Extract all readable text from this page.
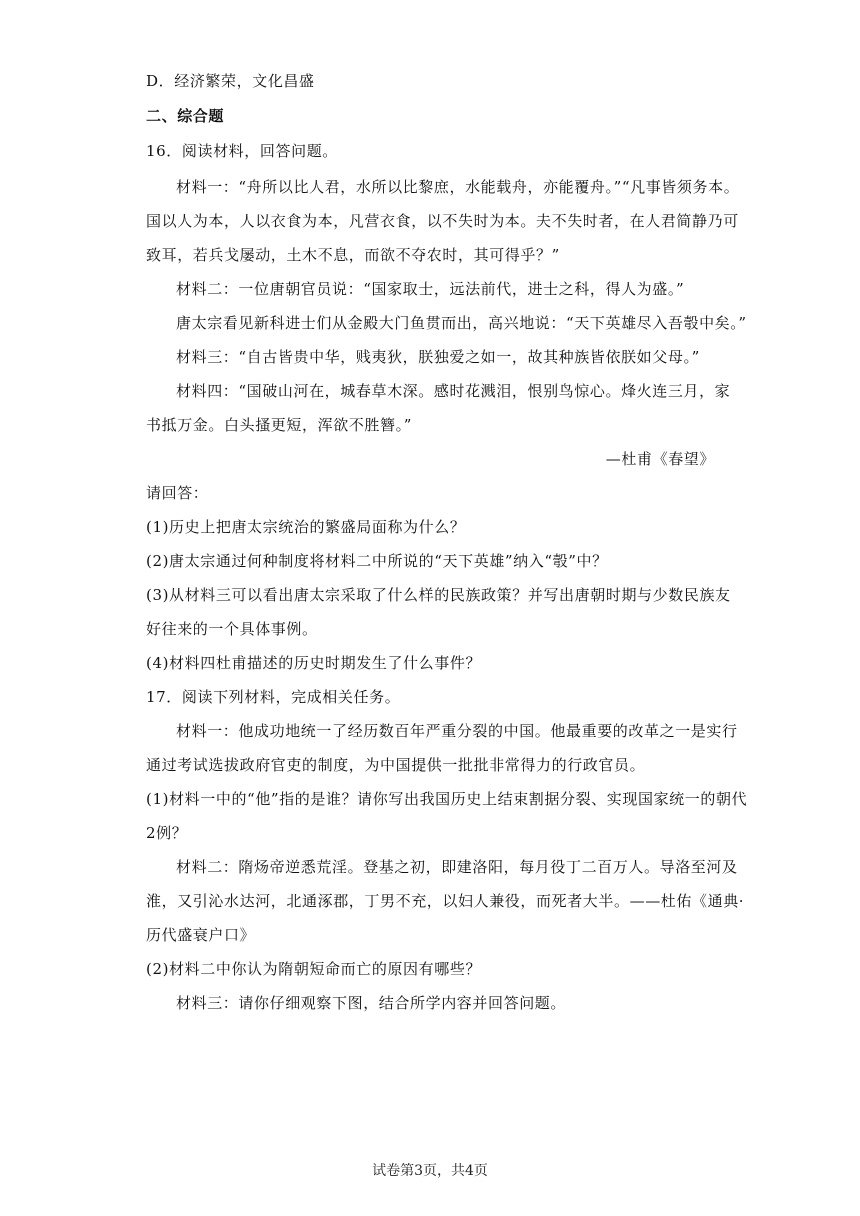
D．经济繁荣，文化昌盛
二、综合题
16．阅读材料，回答问题。
材料一：“舟所以比人君，水所以比黎庶，水能载舟，亦能覆舟。”“凡事皆须务本。
国以人为本，人以衣食为本，凡营衣食，以不失时为本。夫不失时者，在人君简静乃可
致耳，若兵戈屡动，土木不息，而欲不夺农时，其可得乎？”
材料二：一位唐朝官员说：“国家取士，远法前代，进士之科，得人为盛。”
唐太宗看见新科进士们从金殿大门鱼贯而出，高兴地说：“天下英雄尽入吾彀中矣。”
材料三：“自古皆贵中华，贱夷狄，朕独爱之如一，故其种族皆依朕如父母。”
材料四：“国破山河在，城春草木深。感时花溅泪，恨别鸟惊心。烽火连三月，家
书抵万金。白头搔更短，浑欲不胜簪。”
—杜甫《春望》
请回答：
(1)历史上把唐太宗统治的繁盛局面称为什么？
(2)唐太宗通过何种制度将材料二中所说的“天下英雄”纳入“彀”中？
(3)从材料三可以看出唐太宗采取了什么样的民族政策？并写出唐朝时期与少数民族友
好往来的一个具体事例。
(4)材料四杜甫描述的历史时期发生了什么事件？
17．阅读下列材料，完成相关任务。
材料一：他成功地统一了经历数百年严重分裂的中国。他最重要的改革之一是实行
通过考试选拔政府官吏的制度，为中国提供一批批非常得力的行政官员。
(1)材料一中的“他”指的是谁？请你写出我国历史上结束割据分裂、实现国家统一的朝代
2例？
材料二：隋炀帝逆悉荒淫。登基之初，即建洛阳，每月役丁二百万人。导洛至河及
淮，又引沁水达河，北通涿郡，丁男不充，以妇人兼役，而死者大半。——杜佑《通典·
历代盛衰户口》
(2)材料二中你认为隋朝短命而亡的原因有哪些？
材料三：请你仔细观察下图，结合所学内容并回答问题。
试卷第3页，共4页
